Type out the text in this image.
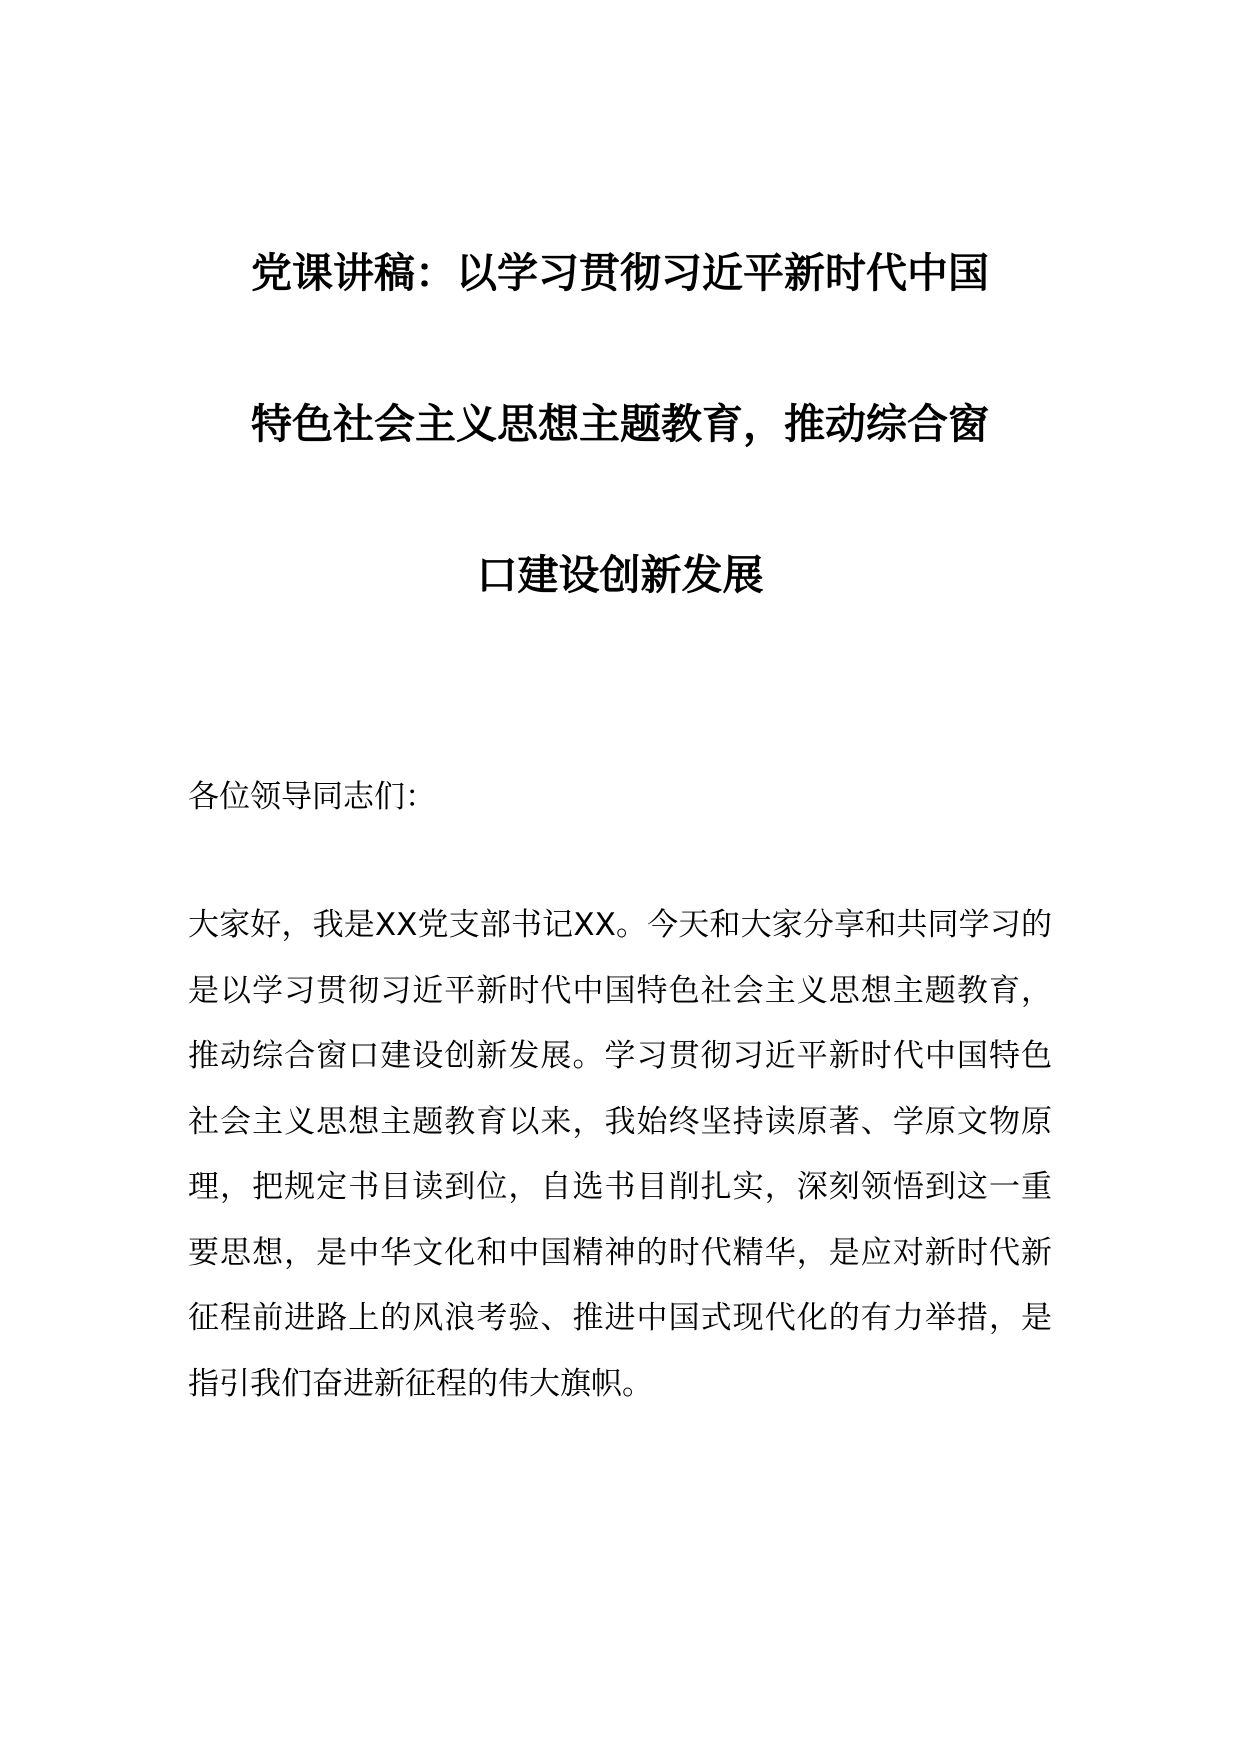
党课讲稿：以学习贯彻习近平新时代中国
特色社会主义思想主题教育，推动综合窗
口建设创新发展

各位领导同志们：

大家好，我是XX党支部书记XX。今天和大家分享和共同学习的是以学习贯彻习近平新时代中国特色社会主义思想主题教育，推动综合窗口建设创新发展。学习贯彻习近平新时代中国特色社会主义思想主题教育以来，我始终坚持读原著、学原文物原理，把规定书目读到位，自选书目削扎实，深刻领悟到这一重要思想，是中华文化和中国精神的时代精华，是应对新时代新征程前进路上的风浪考验、推进中国式现代化的有力举措，是指引我们奋进新征程的伟大旗帜。
